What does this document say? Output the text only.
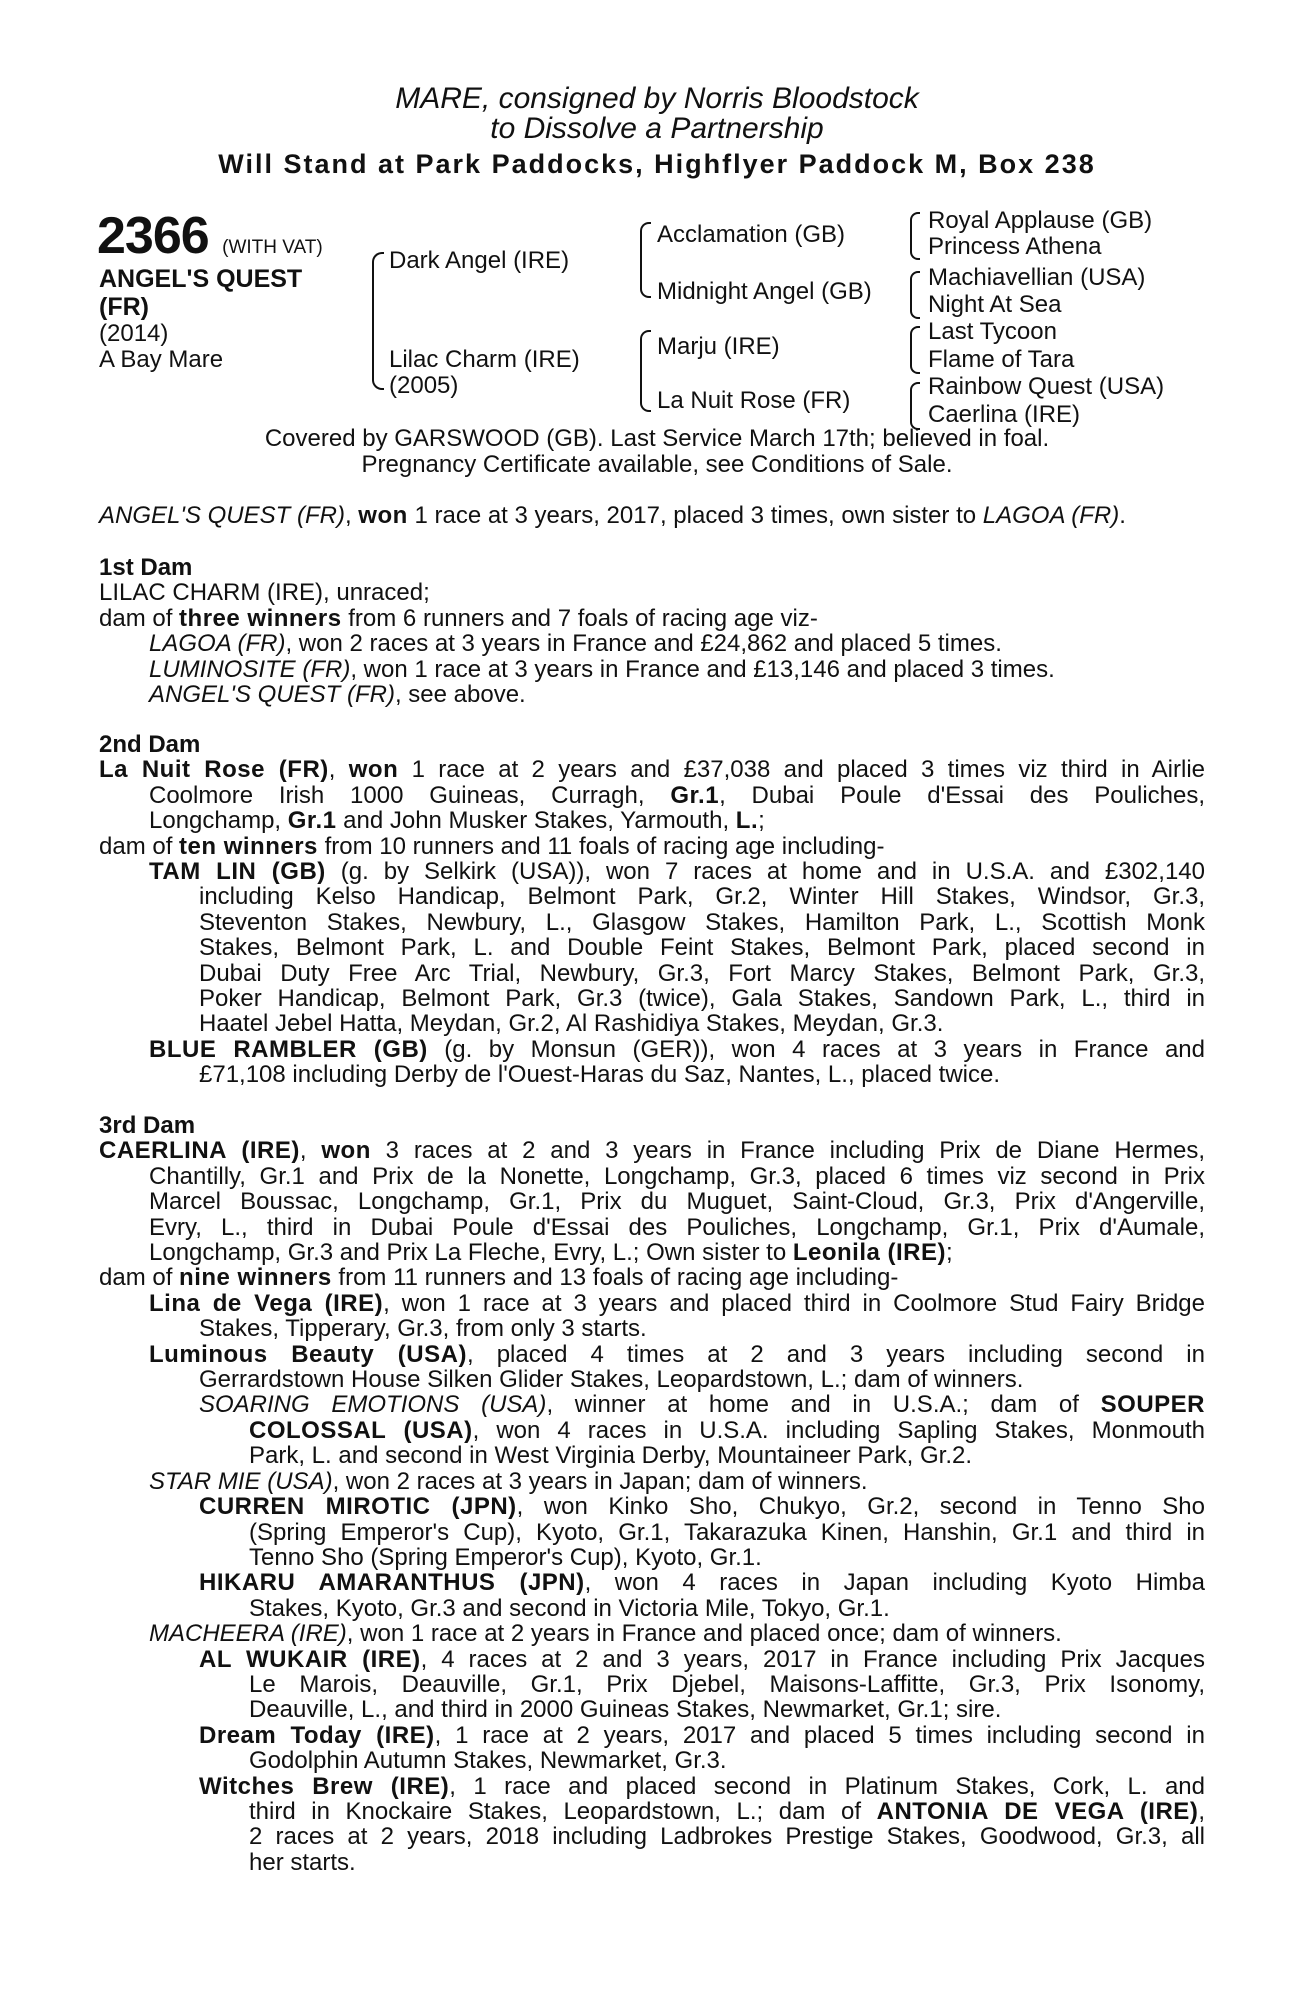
MARE, consigned by Norris Bloodstock
to Dissolve a Partnership
Will Stand at Park Paddocks, Highflyer Paddock M, Box 238
2366 (WITH VAT)
ANGEL'S QUEST
(FR)
(2014)
A Bay Mare
Dark Angel (IRE)
Lilac Charm (IRE)
(2005)
Acclamation (GB)
Midnight Angel (GB)
Marju (IRE)
La Nuit Rose (FR)
Royal Applause (GB)
Princess Athena
Machiavellian (USA)
Night At Sea
Last Tycoon
Flame of Tara
Rainbow Quest (USA)
Caerlina (IRE)
Covered by GARSWOOD (GB). Last Service March 17th; believed in foal.
Pregnancy Certificate available, see Conditions of Sale.
ANGEL'S QUEST (FR), won 1 race at 3 years, 2017, placed 3 times, own sister to LAGOA (FR).

1st Dam

LILAC CHARM (IRE), unraced;

dam of three winners from 6 runners and 7 foals of racing age viz-

LAGOA (FR), won 2 races at 3 years in France and £24,862 and placed 5 times.

LUMINOSITE (FR), won 1 race at 3 years in France and £13,146 and placed 3 times.

ANGEL'S QUEST (FR), see above.

2nd Dam

La Nuit Rose (FR), won 1 race at 2 years and £37,038 and placed 3 times viz third in Airlie

Coolmore Irish 1000 Guineas, Curragh, Gr.1, Dubai Poule d'Essai des Pouliches,

Longchamp, Gr.1 and John Musker Stakes, Yarmouth, L.;

dam of ten winners from 10 runners and 11 foals of racing age including-

TAM LIN (GB) (g. by Selkirk (USA)), won 7 races at home and in U.S.A. and £302,140

including Kelso Handicap, Belmont Park, Gr.2, Winter Hill Stakes, Windsor, Gr.3,

Steventon Stakes, Newbury, L., Glasgow Stakes, Hamilton Park, L., Scottish Monk

Stakes, Belmont Park, L. and Double Feint Stakes, Belmont Park, placed second in

Dubai Duty Free Arc Trial, Newbury, Gr.3, Fort Marcy Stakes, Belmont Park, Gr.3,

Poker Handicap, Belmont Park, Gr.3 (twice), Gala Stakes, Sandown Park, L., third in

Haatel Jebel Hatta, Meydan, Gr.2, Al Rashidiya Stakes, Meydan, Gr.3.

BLUE RAMBLER (GB) (g. by Monsun (GER)), won 4 races at 3 years in France and

£71,108 including Derby de l'Ouest-Haras du Saz, Nantes, L., placed twice.

3rd Dam

CAERLINA (IRE), won 3 races at 2 and 3 years in France including Prix de Diane Hermes,

Chantilly, Gr.1 and Prix de la Nonette, Longchamp, Gr.3, placed 6 times viz second in Prix

Marcel Boussac, Longchamp, Gr.1, Prix du Muguet, Saint-Cloud, Gr.3, Prix d'Angerville,

Evry, L., third in Dubai Poule d'Essai des Pouliches, Longchamp, Gr.1, Prix d'Aumale,

Longchamp, Gr.3 and Prix La Fleche, Evry, L.; Own sister to Leonila (IRE);

dam of nine winners from 11 runners and 13 foals of racing age including-

Lina de Vega (IRE), won 1 race at 3 years and placed third in Coolmore Stud Fairy Bridge

Stakes, Tipperary, Gr.3, from only 3 starts.

Luminous Beauty (USA), placed 4 times at 2 and 3 years including second in

Gerrardstown House Silken Glider Stakes, Leopardstown, L.; dam of winners.

SOARING EMOTIONS (USA), winner at home and in U.S.A.; dam of SOUPER

COLOSSAL (USA), won 4 races in U.S.A. including Sapling Stakes, Monmouth

Park, L. and second in West Virginia Derby, Mountaineer Park, Gr.2.

STAR MIE (USA), won 2 races at 3 years in Japan; dam of winners.

CURREN MIROTIC (JPN), won Kinko Sho, Chukyo, Gr.2, second in Tenno Sho

(Spring Emperor's Cup), Kyoto, Gr.1, Takarazuka Kinen, Hanshin, Gr.1 and third in

Tenno Sho (Spring Emperor's Cup), Kyoto, Gr.1.

HIKARU AMARANTHUS (JPN), won 4 races in Japan including Kyoto Himba

Stakes, Kyoto, Gr.3 and second in Victoria Mile, Tokyo, Gr.1.

MACHEERA (IRE), won 1 race at 2 years in France and placed once; dam of winners.

AL WUKAIR (IRE), 4 races at 2 and 3 years, 2017 in France including Prix Jacques

Le Marois, Deauville, Gr.1, Prix Djebel, Maisons-Laffitte, Gr.3, Prix Isonomy,

Deauville, L., and third in 2000 Guineas Stakes, Newmarket, Gr.1; sire.

Dream Today (IRE), 1 race at 2 years, 2017 and placed 5 times including second in

Godolphin Autumn Stakes, Newmarket, Gr.3.

Witches Brew (IRE), 1 race and placed second in Platinum Stakes, Cork, L. and

third in Knockaire Stakes, Leopardstown, L.; dam of ANTONIA DE VEGA (IRE),

2 races at 2 years, 2018 including Ladbrokes Prestige Stakes, Goodwood, Gr.3, all

her starts.
